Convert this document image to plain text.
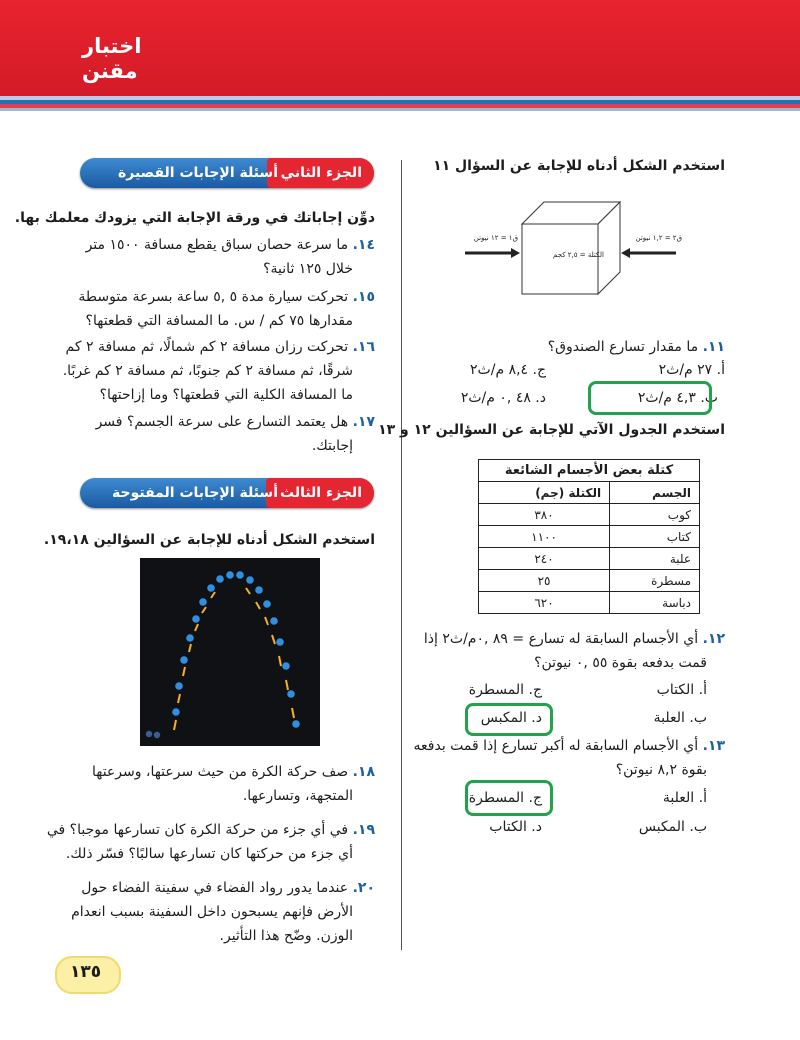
اختبار
مقنن
استخدم الشكل أدناه للإجابة عن السؤال ١١
ق١ = ١٢ نيوتن
الكتلة = ٢,٥ كجم
ق٢ = ١,٢ نيوتن
١١. ما مقدار تسارع الصندوق؟
أ. ٢٧ م/ث٢
ج. ٨,٤ م/ث٢
ب. ٤,٣ م/ث٢
د. ٤٨ ,٠ م/ث٢
استخدم الجدول الآتي للإجابة عن السؤالين ١٢ و ١٣
كتلة بعض الأجسام الشائعة	
الجسم	الكتلة (جم)
كوب	٣٨٠
كتاب	١١٠٠
علبة	٢٤٠
مسطرة	٢٥
دباسة	٦٢٠
١٢. أي الأجسام السابقة له تسارع = ٨٩ ,٠م/ث٢ إذا
قمت بدفعه بقوة ٥٥ ,٠ نيوتن؟
أ. الكتاب
ج. المسطرة
ب. العلبة
د. المكبس
١٣. أي الأجسام السابقة له أكبر تسارع إذا قمت بدفعه
بقوة ٨,٢ نيوتن؟
أ. العلبة
ج. المسطرة
ب. المكبس
د. الكتاب
الجزء الثاني
أسئلة الإجابات القصيرة
دوِّن إجاباتك في ورقة الإجابة التي يزودك معلمك بها.
١٤. ما سرعة حصان سباق يقطع مسافة ١٥٠٠ متر
خلال ١٢٥ ثانية؟
١٥. تحركت سيارة مدة ٥ ,٥ ساعة بسرعة متوسطة
مقدارها ٧٥ كم / س. ما المسافة التي قطعتها؟
١٦. تحركت رزان مسافة ٢ كم شمالًا، ثم مسافة ٢ كم
شرقًا، ثم مسافة ٢ كم جنوبًا، ثم مسافة ٢ كم غربًا.
ما المسافة الكلية التي قطعتها؟ وما إزاحتها؟
١٧. هل يعتمد التسارع على سرعة الجسم؟ فسر
إجابتك.
الجزء الثالث
أسئلة الإجابات المفتوحة
استخدم الشكل أدناه للإجابة عن السؤالين ١٩،١٨.
١٨. صف حركة الكرة من حيث سرعتها، وسرعتها
المتجهة، وتسارعها.
١٩. في أي جزء من حركة الكرة كان تسارعها موجبا؟ في
أي جزء من حركتها كان تسارعها سالبًا؟ فسّر ذلك.
٢٠. عندما يدور رواد الفضاء في سفينة الفضاء حول
الأرض فإنهم يسبحون داخل السفينة بسبب انعدام
الوزن. وضّح هذا التأثير.
١٣٥
